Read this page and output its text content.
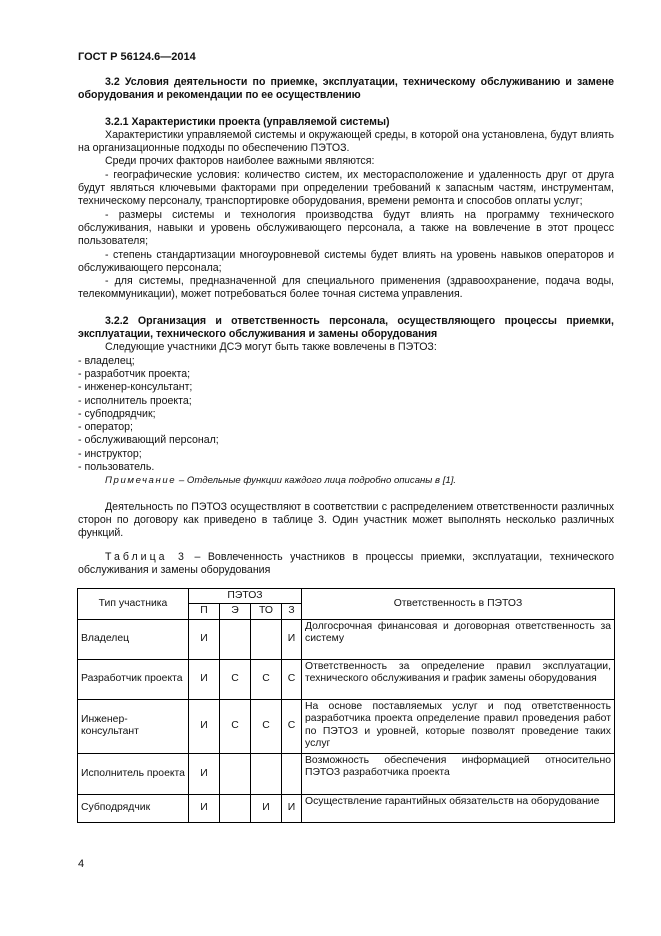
ГОСТ Р 56124.6—2014

3.2 Условия деятельности по приемке, эксплуатации, техническому обслуживанию и замене оборудования и рекомендации по ее осуществлению

3.2.1 Характеристики проекта (управляемой системы)

Характеристики управляемой системы и окружающей среды, в которой она установлена, будут влиять на организационные подходы по обеспечению ПЭТОЗ.

Среди прочих факторов наиболее важными являются:

- географические условия: количество систем, их месторасположение и удаленность друг от друга будут являться ключевыми факторами при определении требований к запасным частям, инструментам, техническому персоналу, транспортировке оборудования, времени ремонта и способов оплаты услуг;

- размеры системы и технология производства будут влиять на программу технического обслуживания, навыки и уровень обслуживающего персонала, а также на вовлечение в этот процесс пользователя;

- степень стандартизации многоуровневой системы будет влиять на уровень навыков операторов и обслуживающего персонала;

- для системы, предназначенной для специального применения (здравоохранение, подача воды, телекоммуникации), может потребоваться более точная система управления.

3.2.2 Организация и ответственность персонала, осуществляющего процессы приемки, эксплуатации, технического обслуживания и замены оборудования

Следующие участники ДСЭ могут быть также вовлечены в ПЭТОЗ:

- владелец;

- разработчик проекта;

- инженер-консультант;

- исполнитель проекта;

- субподрядчик;

- оператор;

- обслуживающий персонал;

- инструктор;

- пользователь.

Примечание – Отдельные функции каждого лица подробно описаны в [1].

Деятельность по ПЭТОЗ осуществляют в соответствии с распределением ответственности различных сторон по договору как приведено в таблице 3. Один участник может выполнять несколько различных функций.

Таблица 3 – Вовлеченность участников в процессы приемки, эксплуатации, технического обслуживания и замены оборудования

Тип участника	ПЭТОЗ				Ответственность в ПЭТОЗ
	П	Э	ТО	З	
Владелец	И			И	Долгосрочная финансовая и договорная ответственность за систему
Разработчик проекта	И	С	С	С	Ответственность за определение правил эксплуатации, технического обслуживания и график замены оборудования
Инженер-консультант	И	С	С	С	На основе поставляемых услуг и под ответственность разработчика проекта определение правил проведения работ по ПЭТОЗ и уровней, которые позволят проведение таких услуг
Исполнитель проекта	И				Возможность обеспечения информацией относительно ПЭТОЗ разработчика проекта
Субподрядчик	И		И	И	Осуществление гарантийных обязательств на оборудование
4
